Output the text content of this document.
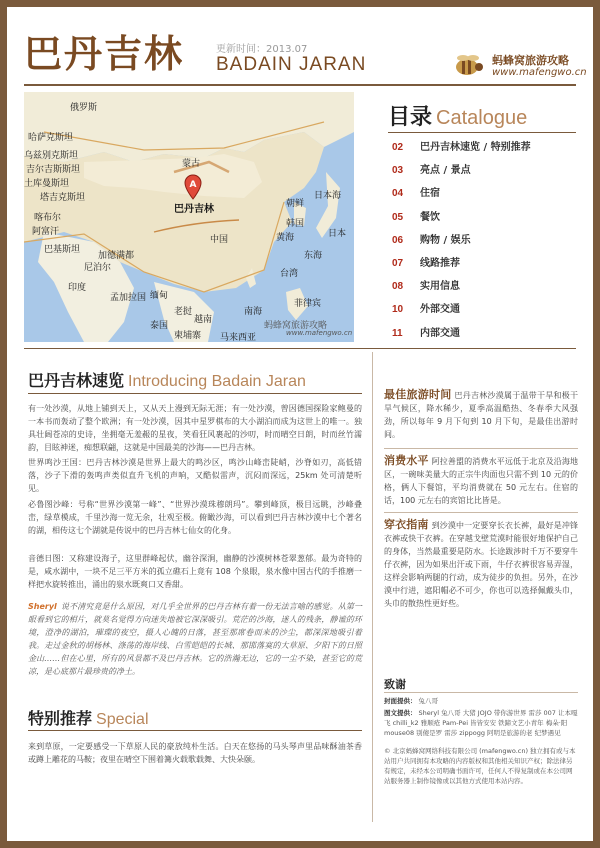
巴丹吉林	更新时间：2013.07
BADAIN JARAN	蚂蜂窝旅游攻略
www.mafengwo.cn
俄罗斯
哈萨克斯坦
乌兹别克斯坦
吉尔吉斯斯坦
土库曼斯坦
塔吉克斯坦
阿富汗
巴基斯坦
尼泊尔
印度
孟加拉国 缅甸
泰国
老挝
越南
柬埔寨
蒙古
中国
日本海
日本
韩国
朝鲜
南海
菲律宾
马来西亚
台湾
东海
黄海
喀布尔
加德满都
A
巴丹吉林
蚂蜂窝旅游攻略
www.mafengwo.cn
目录 Catalogue
02 巴丹吉林速览 / 特别推荐
03 亮点 / 景点
04 住宿
05 餐饮
06 购物 / 娱乐
07 线路推荐
08 实用信息
10 外部交通
11 内部交通
巴丹吉林速览 Introducing Badain Jaran

有一处沙漠，从地上铺到天上，又从天上漫到无际无涯；有一处沙漠，曾因德国探险家鲍曼的一本书而轰动了整个欧洲；有一处沙漠，因其中星罗棋布的大小湖泊而成为这世上的唯一。独具壮阔苍凉的史诗，坐拥毫无羞赧的星夜，笑看狂风裹起的沙叨，时而晴空日朗，时而丝竹濡韵，目眩神迷，痴想联翩，这就是中国最美的沙海——巴丹吉林。

世界鸣沙王国：巴丹吉林沙漠是世界上最大的鸣沙区，鸣沙山峰峦陡峭，沙脊如刃，高低错落，沙子下滑的轰鸣声类似直升飞机的声响，又酷似雷声，沉闷而深远，25km 处可清楚听见。

必鲁图沙峰：号称“世界沙漠第一峰”、“世界沙漠珠穆朗玛”。攀到峰顶，极目远眺，沙峰叠峦，绿草模成，千里沙海一览无余，壮观至极。俯瞰沙海，可以看到巴丹吉林沙漠中七个著名的湖，相传这七个湖就是传说中的巴丹吉林七仙女的化身。

音德日图：又称建设海子，这里群峰起伏，幽谷深涧，幽静的沙漠树林苍翠葱郁。最为奇特的是，咸水湖中，一块不足三平方米的孤立礁石上竟有 108 个泉眼，泉水像中国古代的手推磨一样把水旋转推出，涌出的泉水既爽口又香甜。

Sheryl 说不清究竟是什么原因，对几乎全世界的巴丹吉林有着一份无法言喻的感觉。从第一眼看到它的相片，就莫名觉得方向迷失地被它深深吸引。荒茫的沙海，迷人的残条，静谧的环境，澄净的湖泊，璀璨的夜空，摄人心魄的日落，甚至那席卷而来的沙尘，都深深地吸引着我。走过金秋的胡杨林、涤荡的海岸线、白雪皑皑的长城、那邯落寞的大草原、夕阳下的日照金山……但在心里，所有的风景都不及巴丹吉林。它的浩瀚无边，它的一尘不染，甚至它的荒凉，是心底那片最珍贵的净土。

特别推荐 Special

来到草原，一定要感受一下草原人民的豪放纯朴生活。白天在悠扬的马头琴声里品味酥油茶香或蹲上雕花的马鞍；夜里在晴空下围着篝火载歌载舞、大快朵颐。

最佳旅游时间 巴丹吉林沙漠属于温带干旱和极干旱气候区，降水稀少，夏季高温酷热、冬春季大风强劲，所以每年 9 月下旬到 10 月下旬，是最佳出游时间。

消费水平 阿拉善盟的消费水平远低于北京及沿海地区，一碗味美量大的正宗牛肉面也只需不到 10 元的价格，俩人下餐馆，平均消费就在 50 元左右。住宿的话，100 元左右的宾馆比比皆是。

穿衣指南 到沙漠中一定要穿长衣长裤，最好是冲锋衣裤或快干衣裤。在穿越戈壁荒漠时能很好地保护自己的身体，当然最重要是防水。长途跋涉时千万不要穿牛仔衣裤，因为如果出汗或下雨，牛仔衣裤很容易弄湿，这样会影响两腿的行动，成为徒步的负担。另外，在沙漠中行进，遮阳帽必不可少，你也可以选择佩戴头巾，头巾的散热性更好些。

致谢

封面提供： 兔八哥

图文提供： Sheryl 兔八哥 大猪 JOJO 带你游世界 雷莎 007 让本嘎飞 chilli_k2 雅顺疮 Pam-Pei 皆皆安安 铁蹄文艺小青年 梅朵·阳 mouse08 别傻是罗 雷莎 zippogg 阿明是旅游的老 纪梦遇见

© 北京蚂蜂窝网络科技有限公司 (mafengwo.cn) 独立拥有或与本站用户共同拥有本攻略的内容版权和其他相关知识产权；除法律另有规定，未经本公司明确书面许可，任何人不得复制或在本公司网站服务器上制作镜像或以其他方式使用本站内容。
